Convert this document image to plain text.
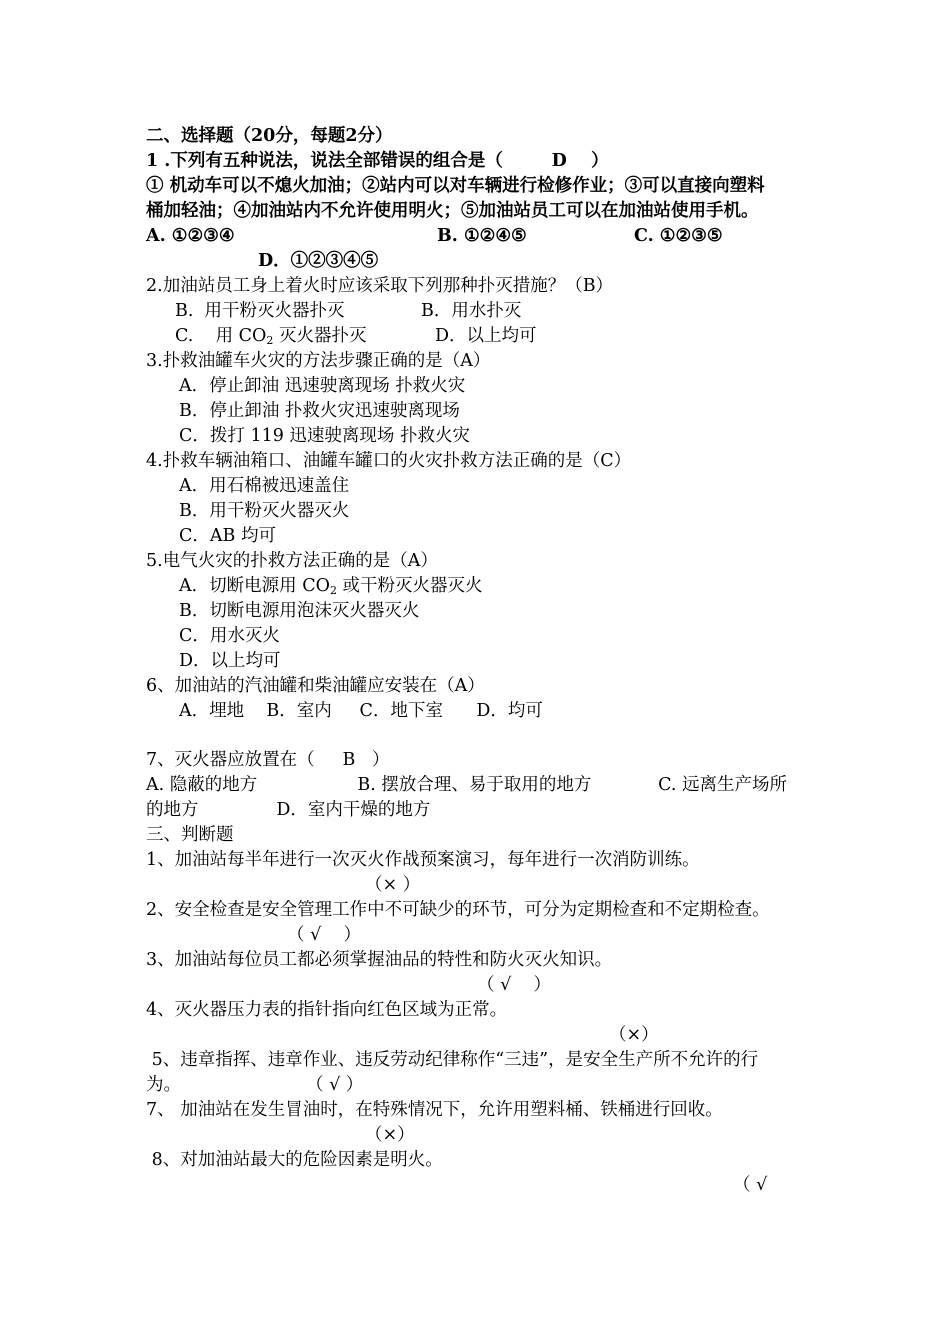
二、选择题（20分，每题2分）
1 .下列有五种说法，说法全部错误的组合是（        D    ）
① 机动车可以不熄火加油；②站内可以对车辆进行检修作业；③可以直接向塑料
桶加轻油；④加油站内不允许使用明火；⑤加油站员工可以在加油站使用手机。
A. ①②③④	B. ①②④⑤	C. ①②③⑤
D．①②③④⑤
2.加油站员工身上着火时应该采取下列那种扑灭措施？（B）
B.  用干粉灭火器扑灭	B．用水扑灭
C.    用 $CO_2$ 灭火器扑灭	D．以上均可
3.扑救油罐车火灾的方法步骤正确的是（A）
A．停止卸油 迅速驶离现场 扑救火灾
B．停止卸油 扑救火灾迅速驶离现场
C．拨打 119 迅速驶离现场 扑救火灾
4.扑救车辆油箱口、油罐车罐口的火灾扑救方法正确的是（C）
A．用石棉被迅速盖住
B．用干粉灭火器灭火
C．AB 均可
5.电气火灾的扑救方法正确的是（A）
A．切断电源用 $CO_2$ 或干粉灭火器灭火
B．切断电源用泡沫灭火器灭火
C．用水灭火
D．以上均可
6、加油站的汽油罐和柴油罐应安装在（A）
A．埋地    B．室内     C．地下室      D．均可
7、灭火器应放置在（     B   ）
A. 隐蔽的地方                  B. 摆放合理、易于取用的地方            C. 远离生产场所
的地方              D．室内干燥的地方
三、判断题
1、加油站每半年进行一次灭火作战预案演习，每年进行一次消防训练。
（× ）
2、安全检查是安全管理工作中不可缺少的环节，可分为定期检查和不定期检查。
（ √    ）
3、加油站每位员工都必须掌握油品的特性和防火灭火知识。
（ √    ）
4、灭火器压力表的指针指向红色区域为正常。
（×）
5、违章指挥、违章作业、违反劳动纪律称作“三违”，是安全生产所不允许的行
为。	（ √ ）
7、 加油站在发生冒油时，在特殊情况下，允许用塑料桶、铁桶进行回收。
（×）
8、对加油站最大的危险因素是明火。
（ √
